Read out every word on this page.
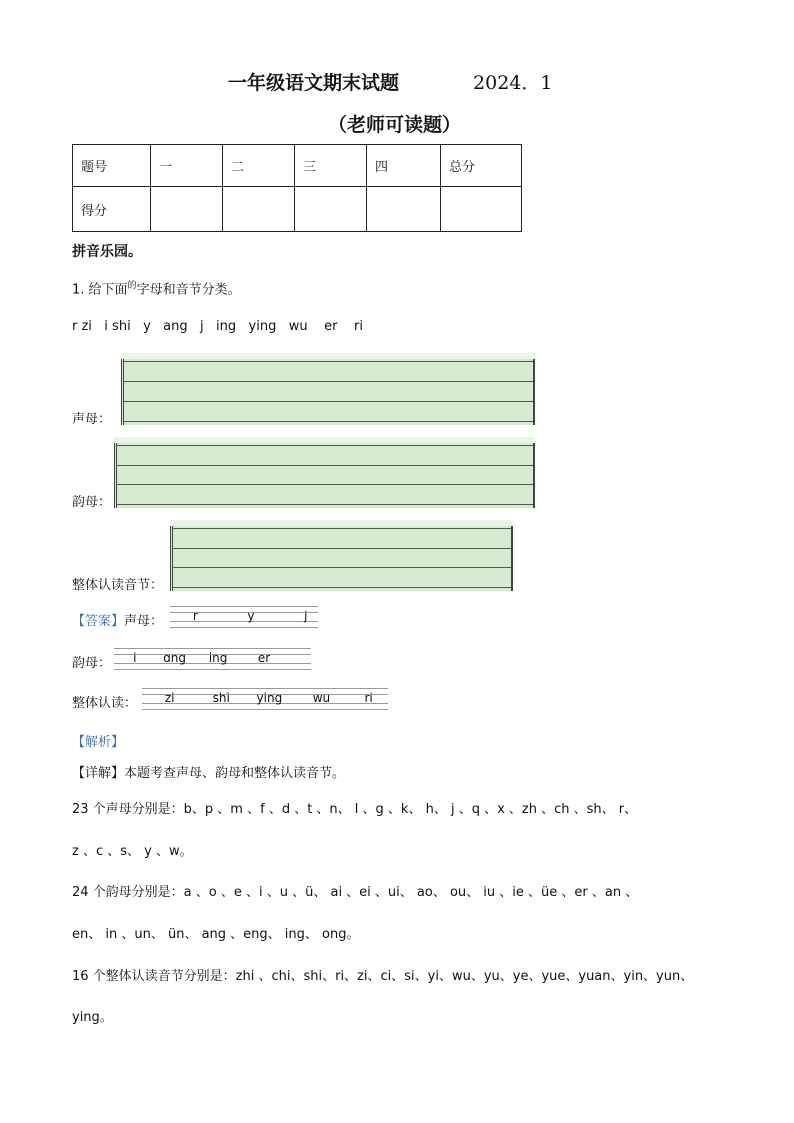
一年级语文期末试题	2024．1
（老师可读题）
题号	一	二	三	四	总分
得分					
拼音乐园。
1. 给下面$^的$字母和音节分类。
r zi   i shi   y   ang   j   ing   ying   wu    er    ri
声母：
韵母：
整体认读音节：
【答案】声母： r             y             j
韵母： i       ɑng      ing        er
整体认读： zi          shi       ying        wu         ri
【解析】
【详解】本题考查声母、韵母和整体认读音节。
23 个声母分别是：b、p 、m 、f 、d 、t 、n、 l 、g 、k、 h、 j 、q 、x 、zh 、ch 、sh、 r、
z 、c 、s、 y 、w。
24 个韵母分别是：a 、o 、e 、i 、u 、ü、 ai 、ei 、ui、 ao、 ou、 iu 、ie 、üe 、er 、an 、
en、 in 、un、 ün、 ang 、eng、 ing、 ong。
16 个整体认读音节分别是：zhi 、chi、shi、ri、zi、ci、si、yi、wu、yu、ye、yue、yuan、yin、yun、
ying。
